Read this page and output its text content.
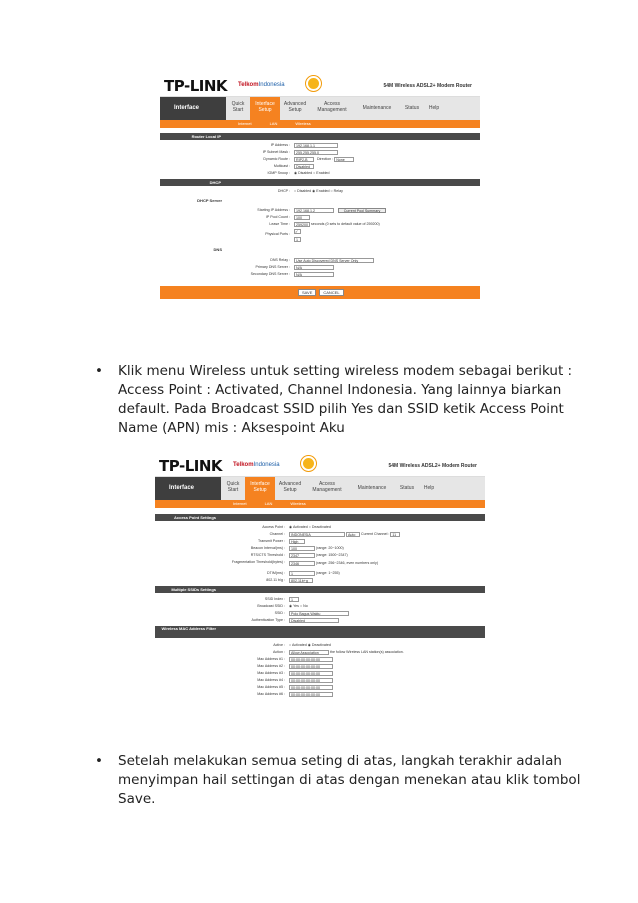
TP-LINK TelkomIndonesia	54M Wireless ADSL2+ Modem Router
Interface
Quick Start
Interface Setup
Advanced Setup
Access Management	Maintenance	Status	Help
Internet	LAN	Wireless
Router Local IP
IP Address :	192.168.1.1
IP Subnet Mask :	255.255.255.0
Dynamic Route :	RIP2-B	Direction : None
Multicast :	Disabled
IGMP Snoop : ◉ Disabled ○ Enabled
DHCP
DHCP : ○ Disabled ◉ Enabled ○ Relay
DHCP Server
Starting IP Address :	192.168.1.2	Current Pool Summary
IP Pool Count :	100
Lease Time :	259200 seconds (0 sets to default value of 259200)
Physical Ports : ✓
1
DNS
DNS Relay :	Use Auto Discovered DNS Server Only
Primary DNS Server :	N/A
Secondary DNS Server :	N/A
SAVE	CANCEL
• Klik menu Wireless untuk setting wireless modem sebagai berikut :

Access Point : Activated, Channel Indonesia. Yang lainnya biarkan

default. Pada Broadcast SSID pilih Yes dan SSID ketik Access Point

Name (APN) mis : Aksespoint Aku

TP-LINK TelkomIndonesia	54M Wireless ADSL2+ Modem Router
Interface
Quick Start
Interface Setup
Advanced Setup
Access Management	Maintenance	Status	Help
Internet	LAN	Wireless
Access Point Settings
Access Point : ◉ Activated ○ Deactivated
Channel :	INDONESIA	Auto Current Channel : 11
Transmit Power :	High
Beacon Interval(ms) :	100	(range: 20~1000)
RTS/CTS Threshold :	2347	(range: 1500~2347)
Fragmentation Threshold(bytes) :	2346	(range: 256~2346, even numbers only)
DTIM(ms) :	1	(range: 1~255)
802.11 b/g :	802.11b+g
Multiple SSIDs Settings
SSID Index :	1
Broadcast SSID : ◉ Yes ○ No
SSID :	Polo Bagus Waktu
Authentication Type :	Disabled
Wireless MAC Address Filter
Active : ○ Activated ◉ Deactivated
Action :	Allow Association	the follow Wireless LAN station(s) association.
Mac Address #1 :	00:00:00:00:00:00
Mac Address #2 :	00:00:00:00:00:00
Mac Address #3 :	00:00:00:00:00:00
Mac Address #4 :	00:00:00:00:00:00
Mac Address #5 :	00:00:00:00:00:00
Mac Address #6 :	00:00:00:00:00:00
• Setelah melakukan semua seting di atas, langkah terakhir adalah

menyimpan hail settingan di atas dengan menekan atau klik tombol

Save.
